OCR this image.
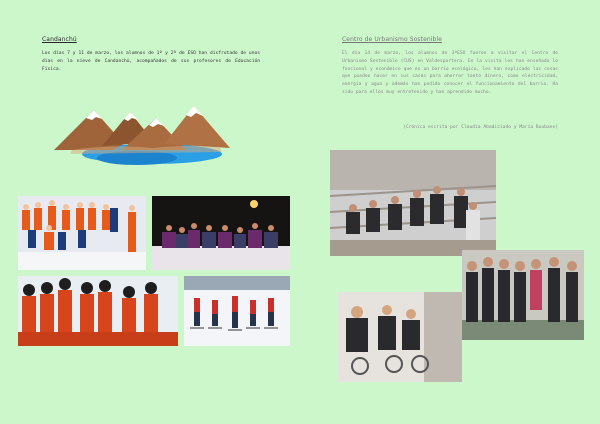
Candanchú
Los días 7 y 11 de marzo, los alumnos de 1º y 2º de ESO han disfrutado de unos días en la nieve de Candanchú, acompañados de sus profesores de Educación Física.
Centro de Urbanismo Sostenible
El día 14 de marzo, los alumnos de 3ºESO fueron a visitar el Centro de Urbanismo Sostenible (CUS) en Valdespartera. En la visita les han enseñado lo funcional y económico que es un barrio ecológico, les han explicado las cosas que pueden hacer en sus casas para ahorrar tanto dinero, como electricidad, energía y agua y además han podido conocer el funcionamiento del barrio. Ha sido para ellos muy entretenido y han aprendido mucho.
(Crónica escrita por Claudia Abadiciado y María Buubaes)
